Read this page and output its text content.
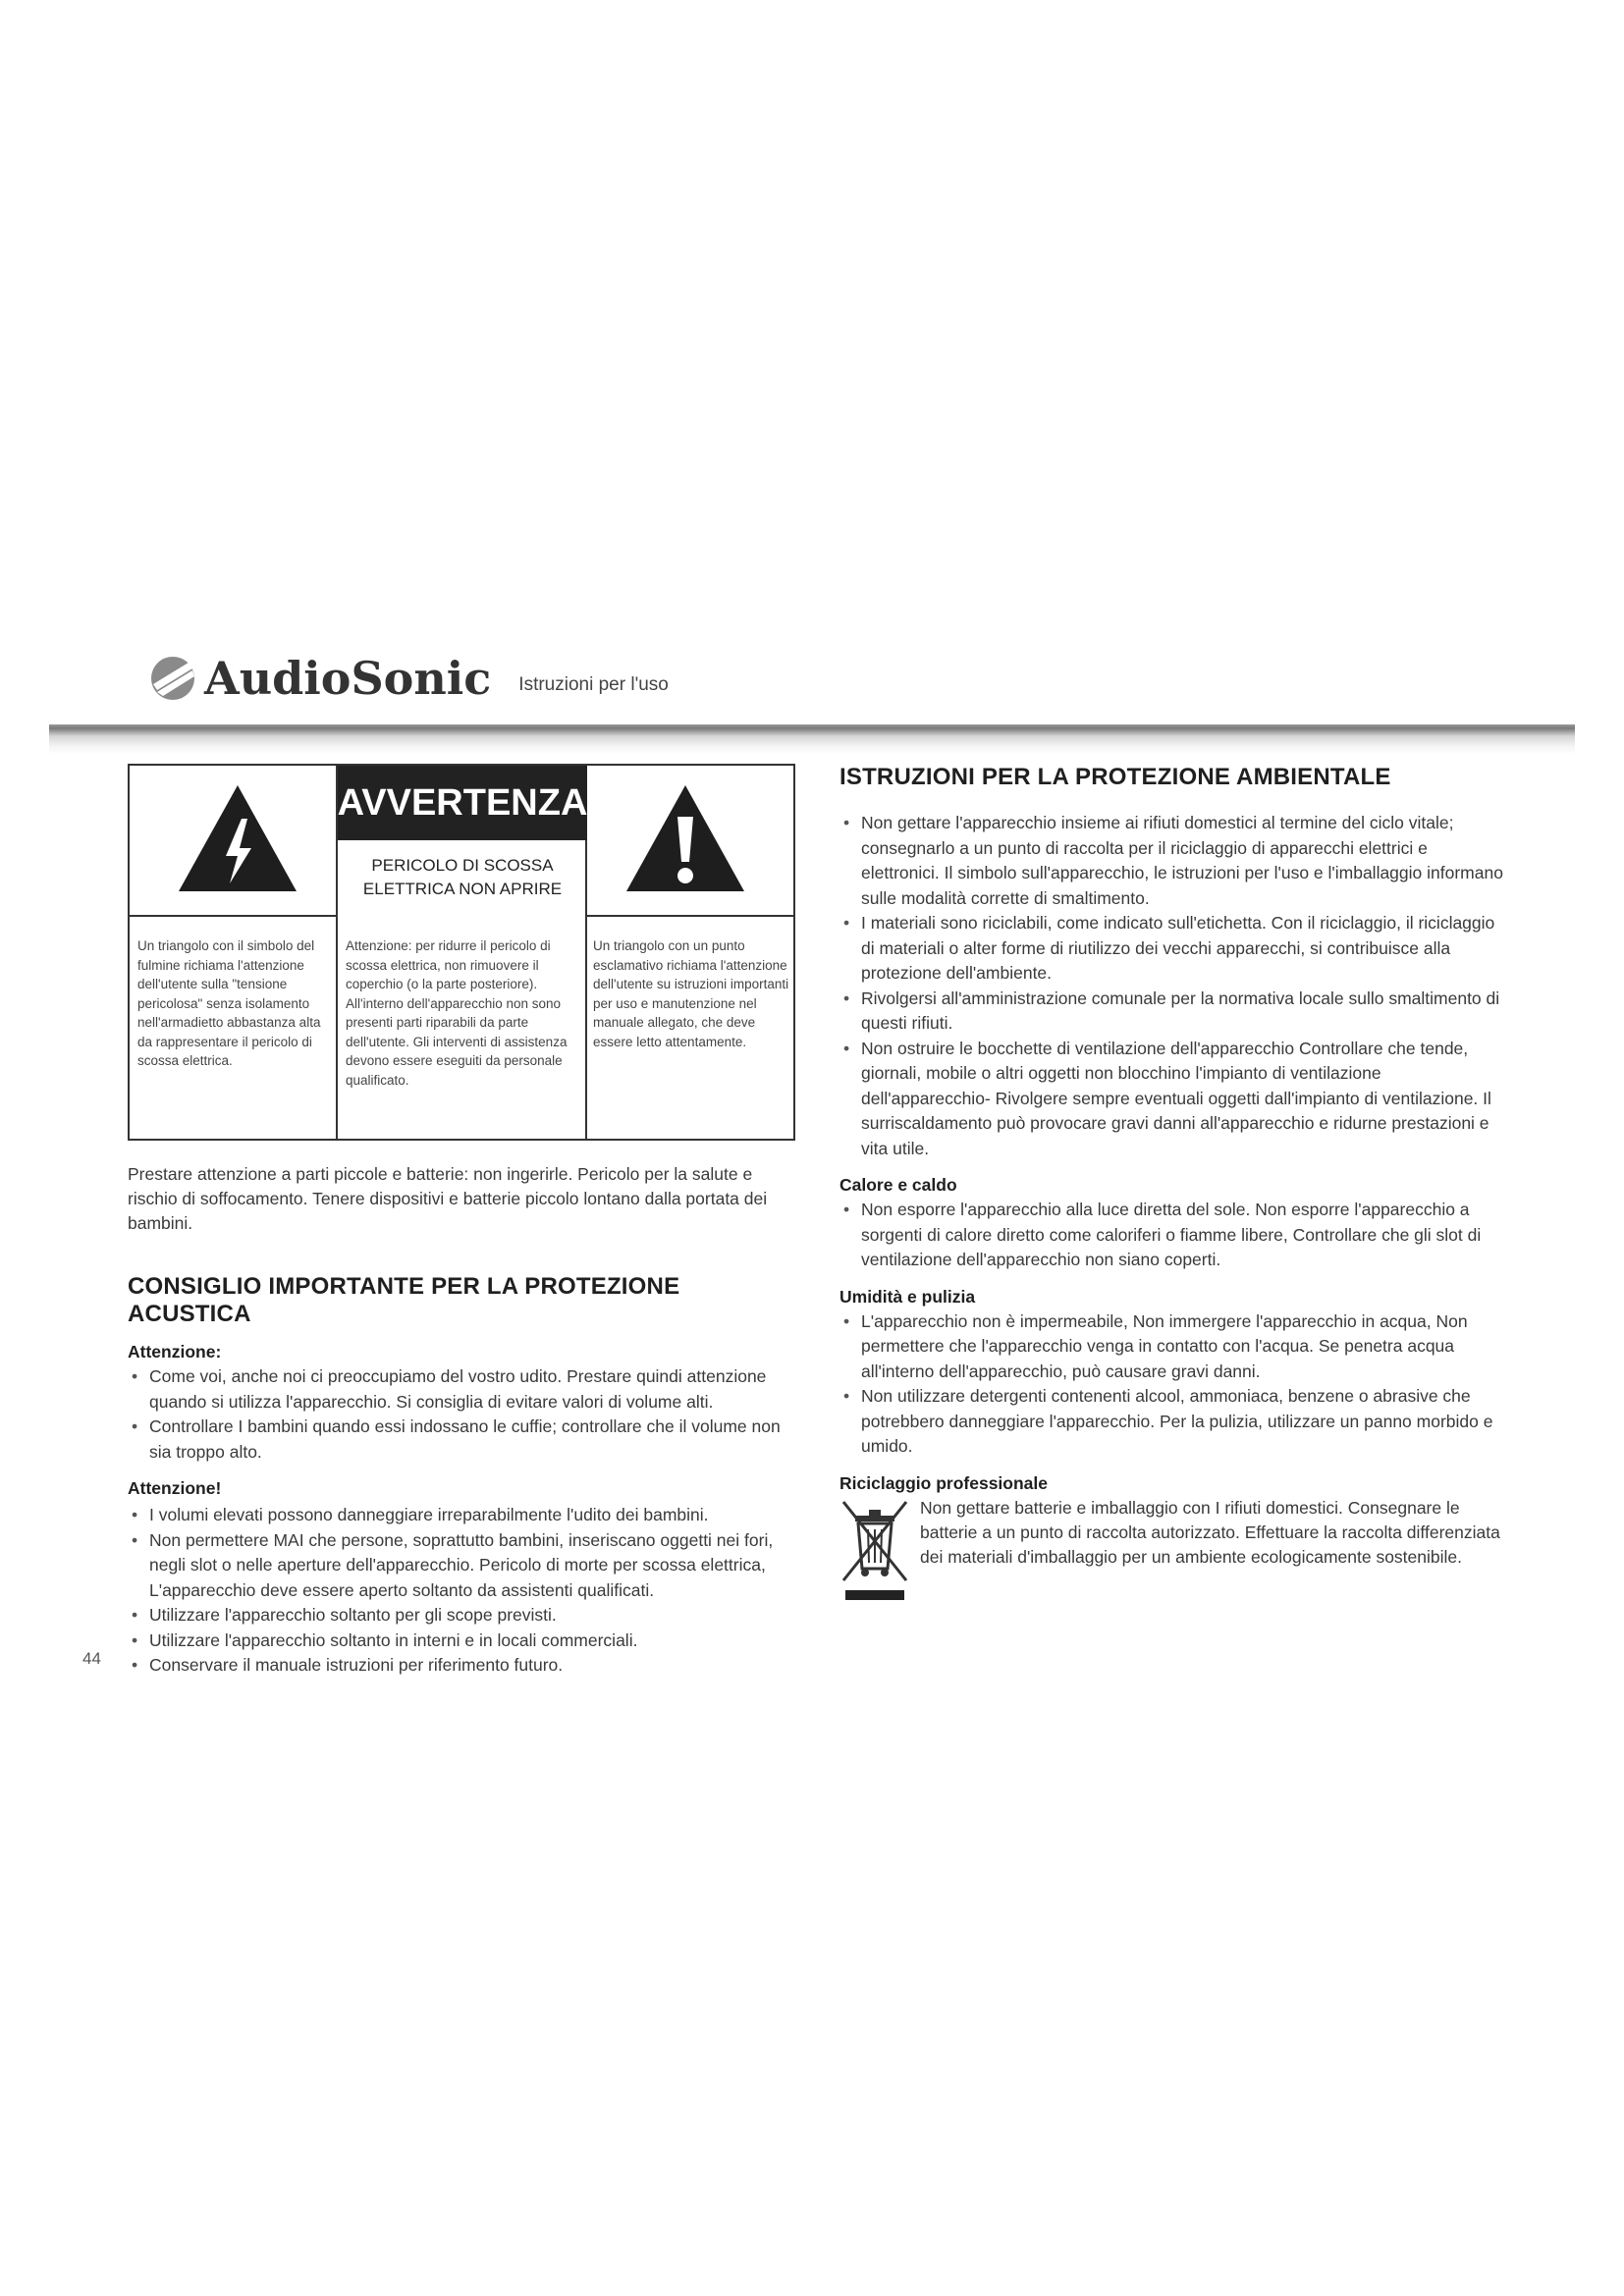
AudioSonic Istruzioni per l'uso
AVVERTENZA
PERICOLO DI SCOSSA
ELETTRICA NON APRIRE
Un triangolo con il simbolo del fulmine richiama l'attenzione dell'utente sulla "tensione pericolosa" senza isolamento nell'armadietto abbastanza alta da rappresentare il pericolo di scossa elettrica.
Attenzione: per ridurre il pericolo di scossa elettrica, non rimuovere il coperchio (o la parte posteriore). All'interno dell'apparecchio non sono presenti parti riparabili da parte dell'utente. Gli interventi di assistenza devono essere eseguiti da personale qualificato.
Un triangolo con un punto esclamativo richiama l'attenzione dell'utente su istruzioni importanti per uso e manutenzione nel manuale allegato, che deve essere letto attentamente.

Prestare attenzione a parti piccole e batterie: non ingerirle. Pericolo per la salute e rischio di soffocamento. Tenere dispositivi e batterie piccolo lontano dalla portata dei bambini.

CONSIGLIO IMPORTANTE PER LA PROTEZIONE ACUSTICA
Attenzione:
• Come voi, anche noi ci preoccupiamo del vostro udito. Prestare quindi attenzione quando si utilizza l'apparecchio. Si consiglia di evitare valori di volume alti.
• Controllare I bambini quando essi indossano le cuffie; controllare che il volume non sia troppo alto.
Attenzione!
• I volumi elevati possono danneggiare irreparabilmente l'udito dei bambini.
• Non permettere MAI che persone, soprattutto bambini, inseriscano oggetti nei fori, negli slot o nelle aperture dell'apparecchio. Pericolo di morte per scossa elettrica, L'apparecchio deve essere aperto soltanto da assistenti qualificati.
• Utilizzare l'apparecchio soltanto per gli scope previsti.
• Utilizzare l'apparecchio soltanto in interni e in locali commerciali.
• Conservare il manuale istruzioni per riferimento futuro.
44
ISTRUZIONI PER LA PROTEZIONE AMBIENTALE
• Non gettare l'apparecchio insieme ai rifiuti domestici al termine del ciclo vitale; consegnarlo a un punto di raccolta per il riciclaggio di apparecchi elettrici e elettronici. Il simbolo sull'apparecchio, le istruzioni per l'uso e l'imballaggio informano sulle modalità corrette di smaltimento.
• I materiali sono riciclabili, come indicato sull'etichetta. Con il riciclaggio, il riciclaggio di materiali o alter forme di riutilizzo dei vecchi apparecchi, si contribuisce alla protezione dell'ambiente.
• Rivolgersi all'amministrazione comunale per la normativa locale sullo smaltimento di questi rifiuti.
• Non ostruire le bocchette di ventilazione dell'apparecchio Controllare che tende, giornali, mobile o altri oggetti non blocchino l'impianto di ventilazione dell'apparecchio- Rivolgere sempre eventuali oggetti dall'impianto di ventilazione. Il surriscaldamento può provocare gravi danni all'apparecchio e ridurne prestazioni e vita utile.
Calore e caldo
• Non esporre l'apparecchio alla luce diretta del sole. Non esporre l'apparecchio a sorgenti di calore diretto come caloriferi o fiamme libere, Controllare che gli slot di ventilazione dell'apparecchio non siano coperti.
Umidità e pulizia
• L'apparecchio non è impermeabile, Non immergere l'apparecchio in acqua, Non permettere che l'apparecchio venga in contatto con l'acqua. Se penetra acqua all'interno dell'apparecchio, può causare gravi danni.
• Non utilizzare detergenti contenenti alcool, ammoniaca, benzene o abrasive che potrebbero danneggiare l'apparecchio. Per la pulizia, utilizzare un panno morbido e umido.
Riciclaggio professionale

Non gettare batterie e imballaggio con I rifiuti domestici. Consegnare le batterie a un punto di raccolta autorizzato. Effettuare la raccolta differenziata dei materiali d'imballaggio per un ambiente ecologicamente sostenibile.
